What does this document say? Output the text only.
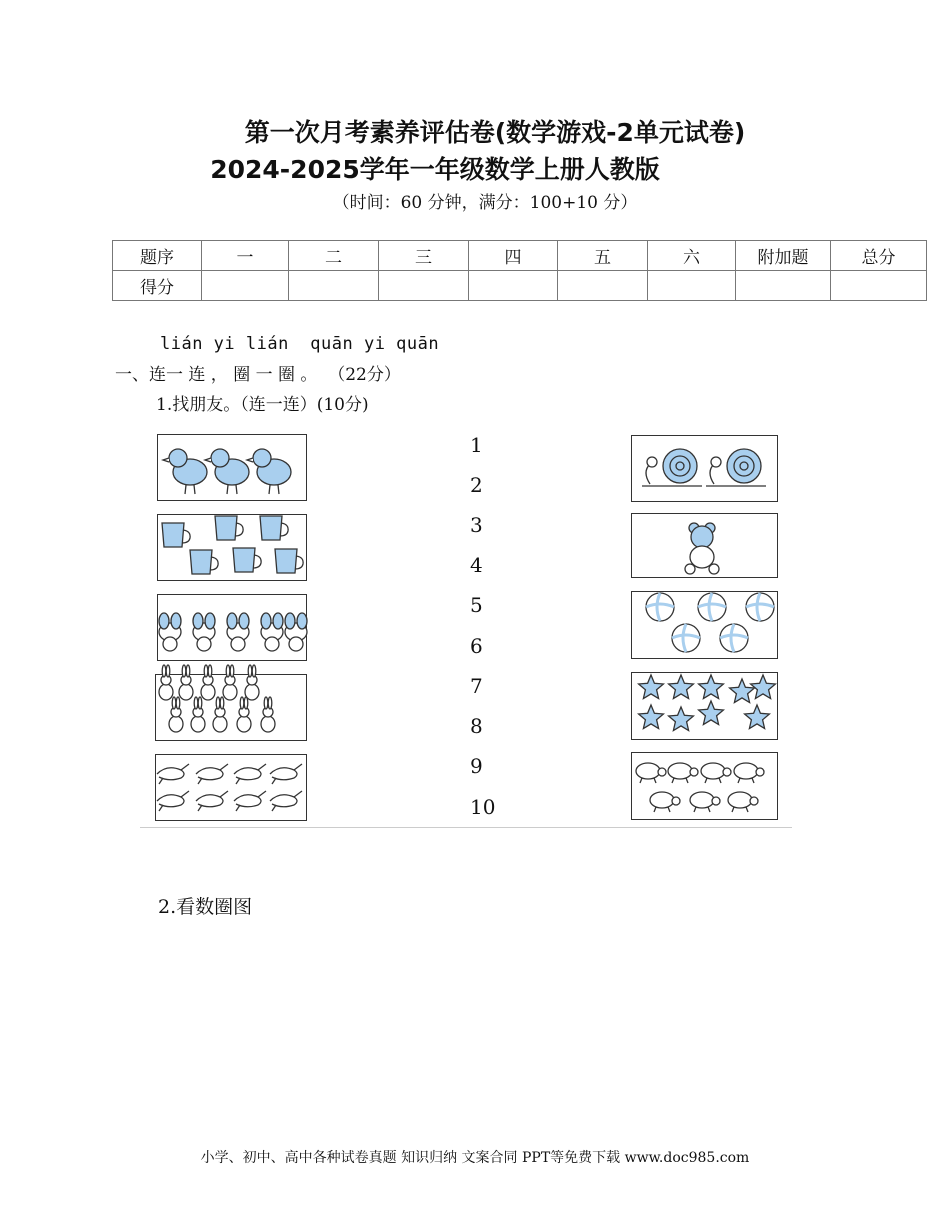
第一次月考素养评估卷(数学游戏-2单元试卷)
2024-2025学年一年级数学上册人教版
（时间：60 分钟，满分：100+10 分）
题序	一	二	三	四	五	六	附加题	总分
得分								
lián yi lián  quān yi quān
一、连一 连 ， 圈 一 圈 。  （22分）
1.找朋友。（连一连）(10分)
1
2
3
4
5
6
7
8
9
10
2.看数圈图
小学、初中、高中各种试卷真题 知识归纳 文案合同 PPT等免费下载 www.doc985.com
